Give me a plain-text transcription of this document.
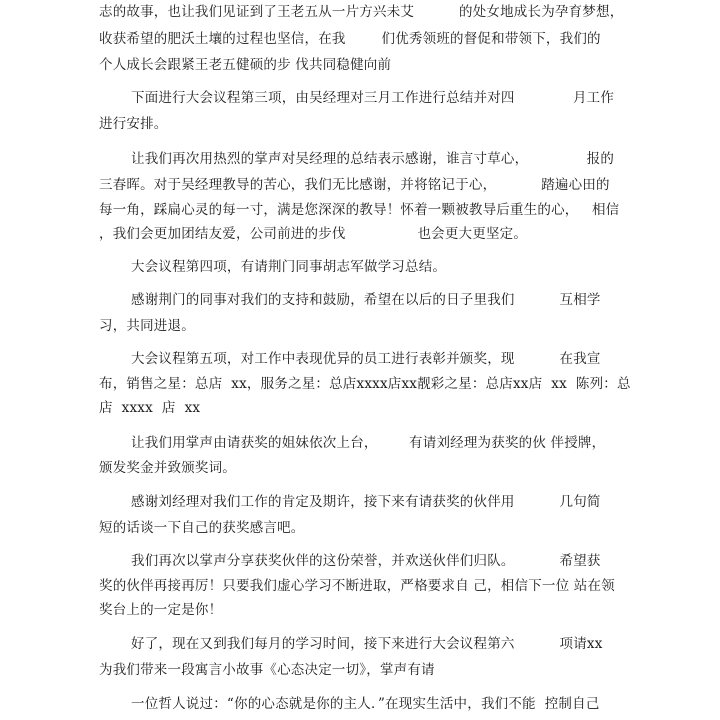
志的故事，也让我们见证到了王老五从一片方兴未艾          的处女地成长为孕育梦想，
收获希望的肥沃土壤的过程也坚信，在我        们优秀领班的督促和带领下，我们的
个人成长会跟紧王老五健硕的步 伐共同稳健向前
下面进行大会议程第三项，由吴经理对三月工作进行总结并对四             月工作
进行安排。
让我们再次用热烈的掌声对吴经理的总结表示感谢，谁言寸草心，             报的
三春晖。对于吴经理教导的苦心，我们无比感谢，并将铭记于心，          踏遍心田的
每一角，踩扁心灵的每一寸，满是您深深的教导！怀着一颗被教导后重生的心，   相信
，我们会更加团结友爱，公司前进的步伐                也会更大更坚定。
大会议程第四项，有请荆门同事胡志军做学习总结。
感谢荆门的同事对我们的支持和鼓励，希望在以后的日子里我们          互相学
习，共同进退。
大会议程第五项，对工作中表现优异的员工进行表彰并颁奖，现          在我宣
布，销售之星：总店  xx，服务之星：总店xxxx店xx靓彩之星：总店xx店  xx  陈列：总
店  xxxx  店  xx
让我们用掌声由请获奖的姐妹依次上台，       有请刘经理为获奖的伙 伴授牌，
颁发奖金并致颁奖词。
感谢刘经理对我们工作的肯定及期许，接下来有请获奖的伙伴用          几句简
短的话谈一下自己的获奖感言吧。
我们再次以掌声分享获奖伙伴的这份荣誉，并欢送伙伴们归队。          希望获
奖的伙伴再接再厉！只要我们虚心学习不断进取，严格要求自 己，相信下一位 站在领
奖台上的一定是你！
好了，现在又到我们每月的学习时间，接下来进行大会议程第六          项请xx
为我们带来一段寓言小故事《心态决定一切》，掌声有请
一位哲人说过：“你的心态就是你的主人．”在现实生活中，我们不能  控制自己
